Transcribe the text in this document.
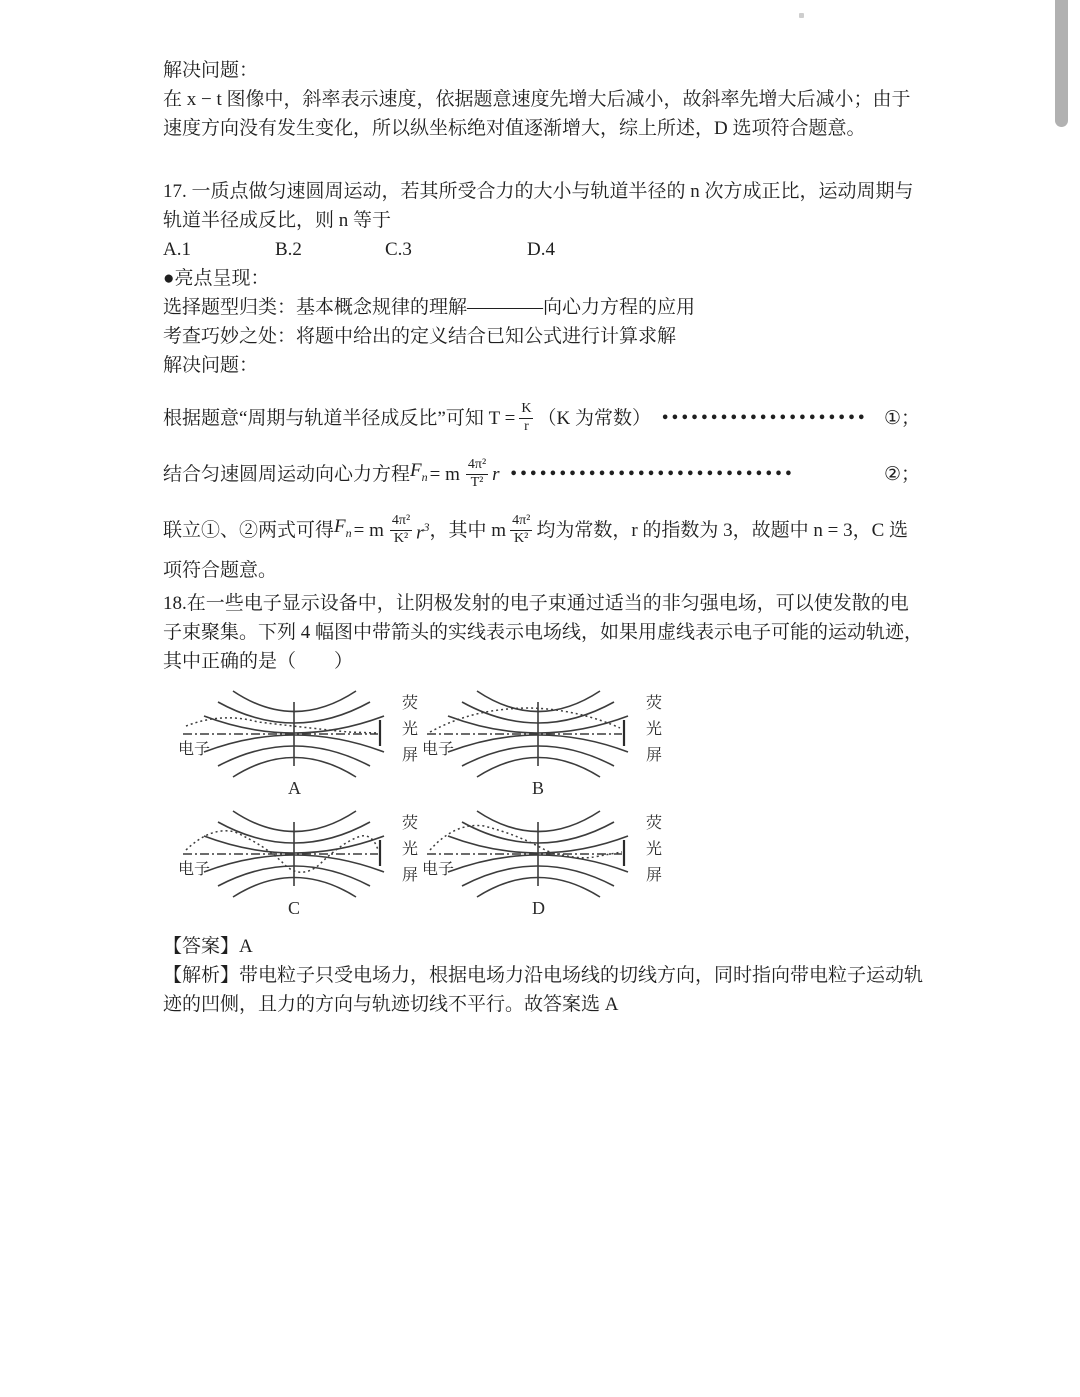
解决问题：
在 x − t 图像中，斜率表示速度，依据题意速度先增大后减小，故斜率先增大后减小；由于
速度方向没有发生变化，所以纵坐标绝对值逐渐增大，综上所述，D 选项符合题意。
17. 一质点做匀速圆周运动，若其所受合力的大小与轨道半径的 n 次方成正比，运动周期与
轨道半径成反比，则 n 等于
A.1	B.2	C.3	D.4
●亮点呈现：
选择题型归类：基本概念规律的理解————向心力方程的应用
考查巧妙之处：将题中给出的定义结合已知公式进行计算求解
解决问题：
根据题意“周期与轨道半径成反比”可知 $T = \frac{K}{r} (K$ 为常数） ••••••••••••••••••••• ①；
结合匀速圆周运动向心力方程 $F_n = m \frac{\text{4π²}}{\text{T²}}$ r •••••••••••••••••••••••••••••	②；
联立①、②两式可得 $F_n = m \frac{\text{4π²}}{\text{K²}} r^3$ ，其中 m $\frac{\text{4π²}}{\text{K²}}$ 均为常数，r 的指数为 3，故题中 n = 3，C 选
项符合题意。
18.在一些电子显示设备中，让阴极发射的电子束通过适当的非匀强电场，可以使发散的电
子束聚集。下列 4 幅图中带箭头的实线表示电场线，如果用虚线表示电子可能的运动轨迹，
其中正确的是（　　）
电子
荧
光
屏
A
电子
荧
光
屏
B
电子
荧
光
屏
C
电子
荧
光
屏
D
【答案】A
【解析】带电粒子只受电场力，根据电场力沿电场线的切线方向，同时指向带电粒子运动轨
迹的凹侧，且力的方向与轨迹切线不平行。故答案选 A
